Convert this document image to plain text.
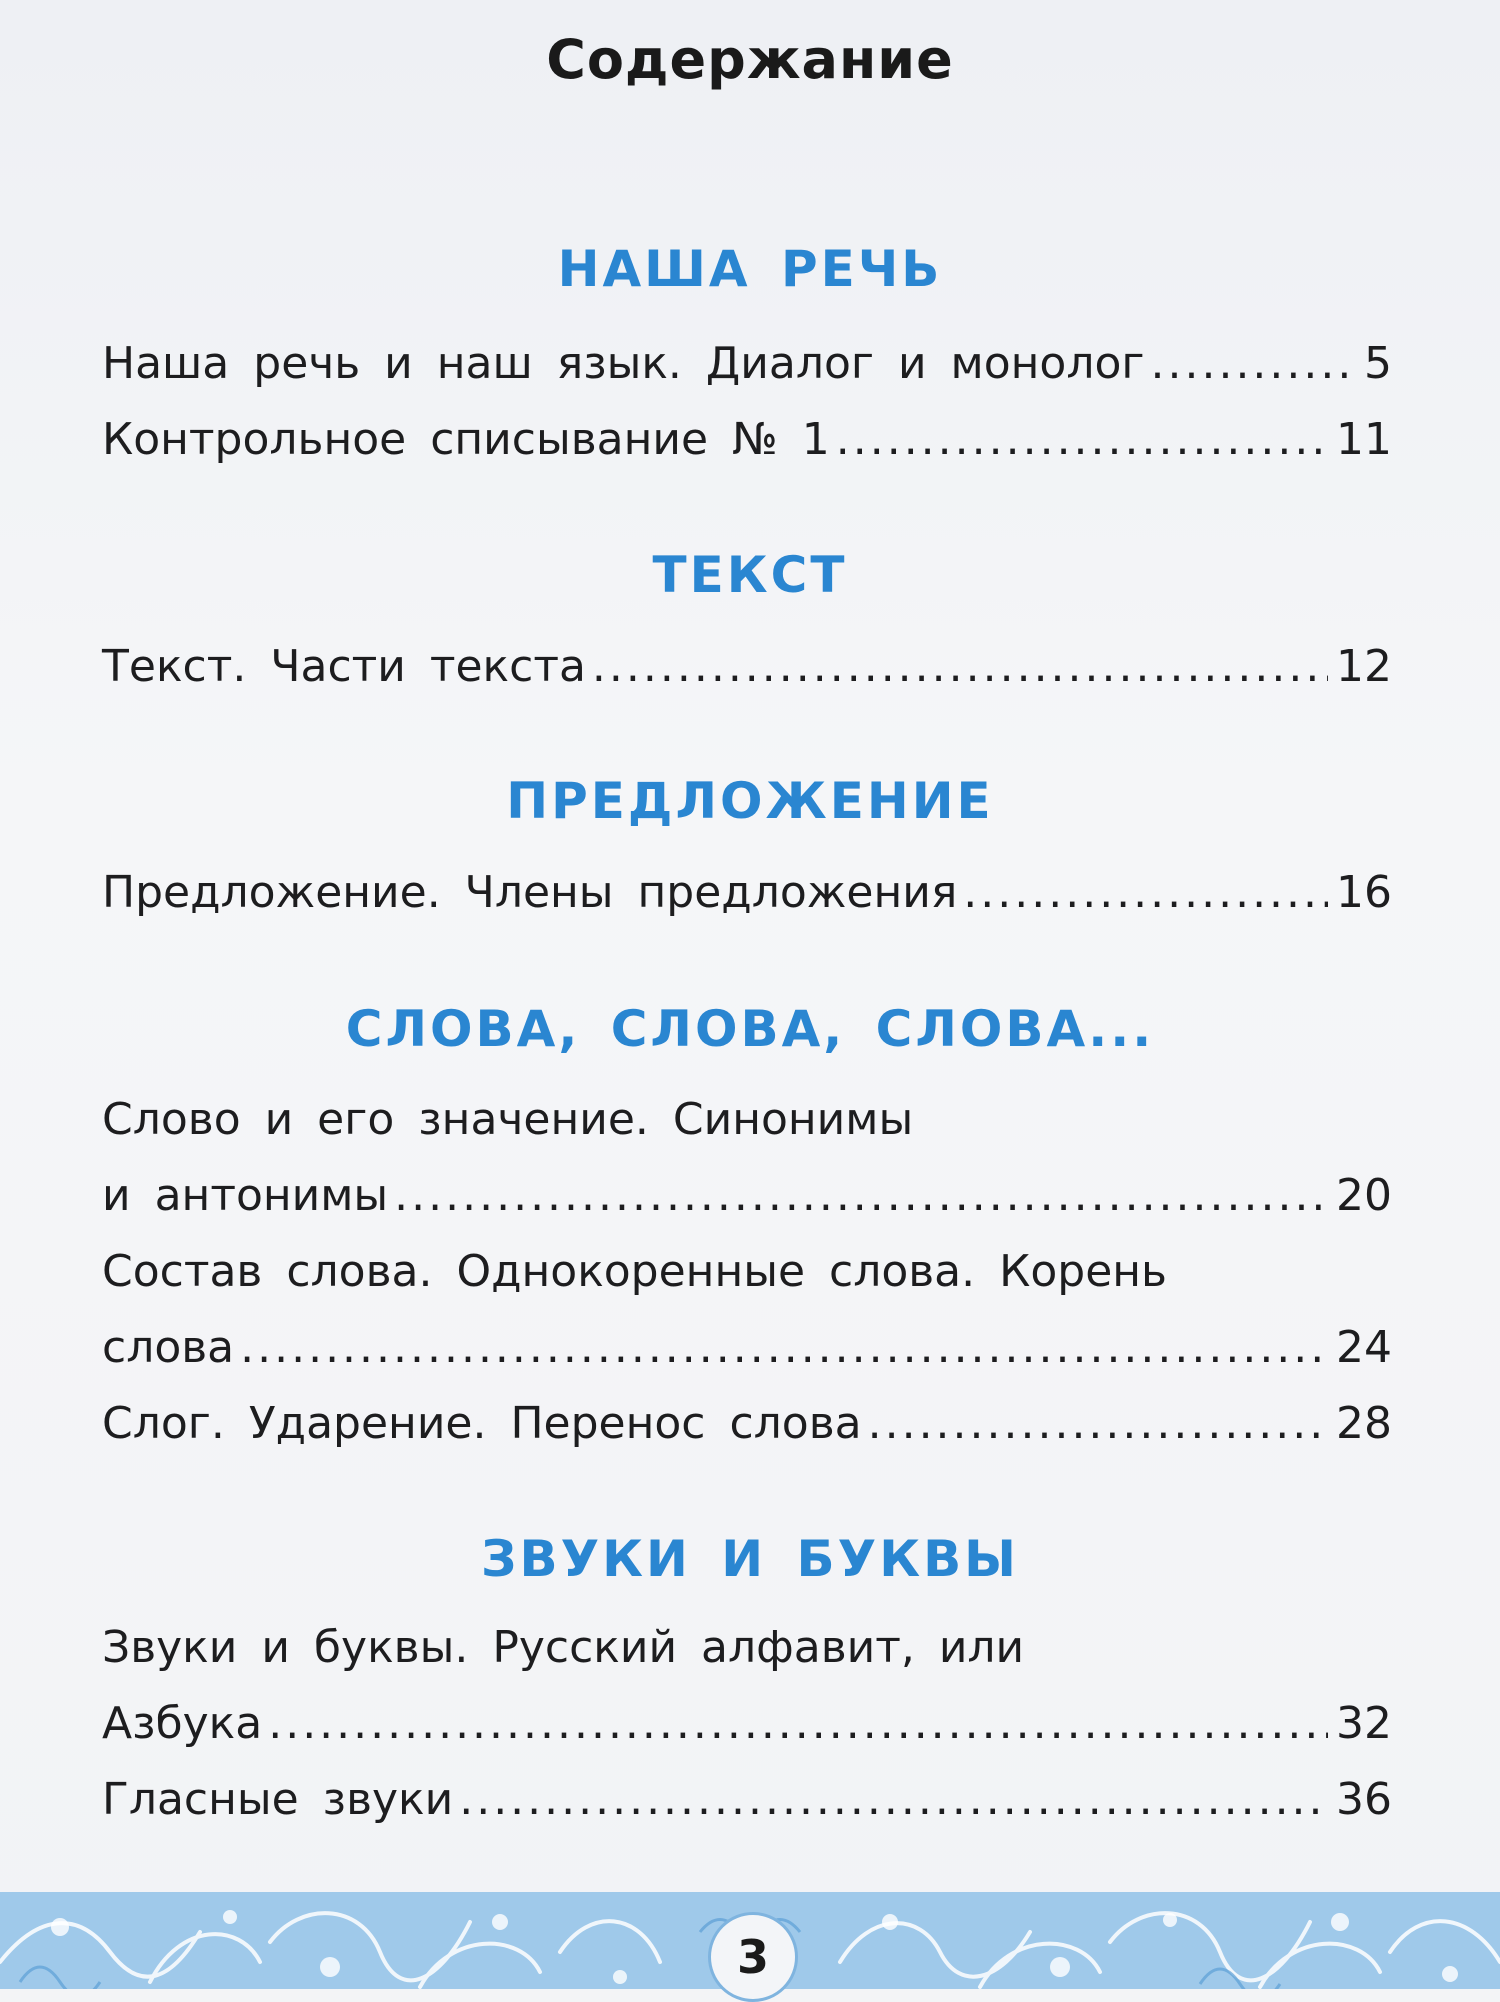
Содержание
НАША РЕЧЬ
Наша речь и наш язык. Диалог и монолог .....	5
Контрольное списывание № 1 .....	11
ТЕКСТ
Текст. Части текста .....	12
ПРЕДЛОЖЕНИЕ
Предложение. Члены предложения .....	16
СЛОВА, СЛОВА, СЛОВА...
Слово и его значение. Синонимы
и антонимы .....	20
Состав слова. Однокоренные слова. Корень
слова .....	24
Слог. Ударение. Перенос слова .....	28
ЗВУКИ И БУКВЫ
Звуки и буквы. Русский алфавит, или
Азбука .....	32
Гласные звуки .....	36
3
